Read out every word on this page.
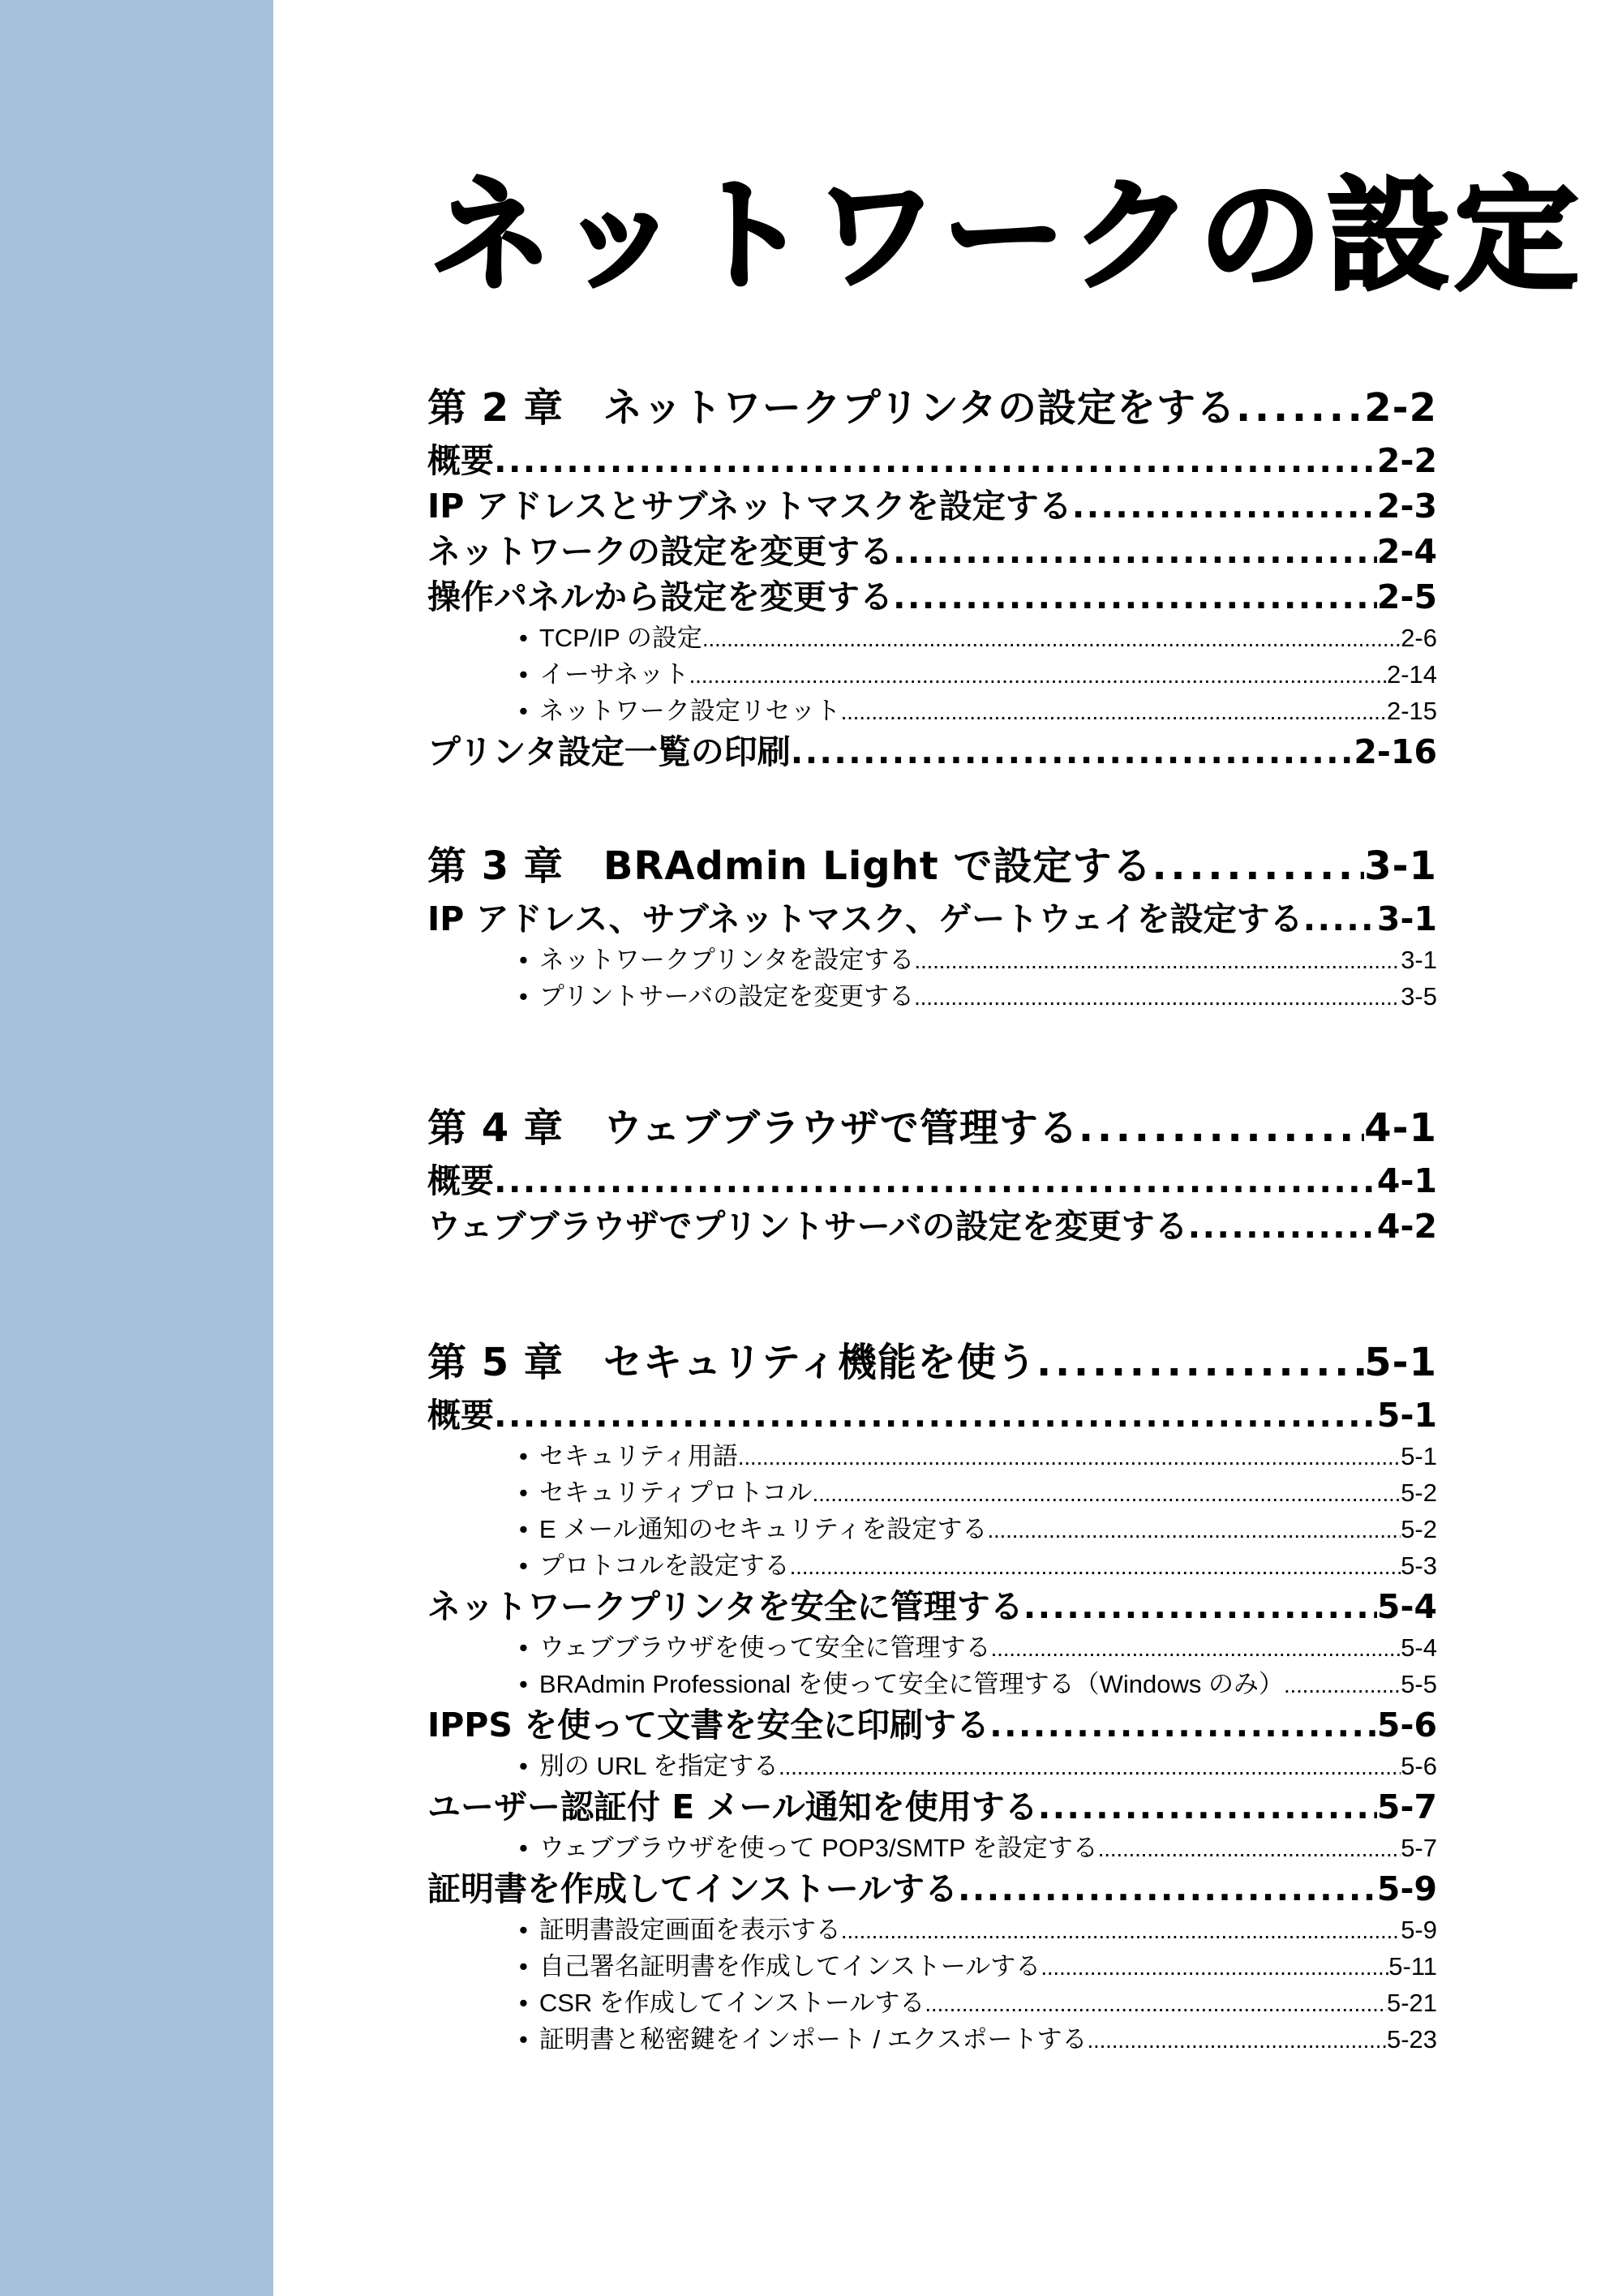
ネットワークの設定
第 2 章　ネットワークプリンタの設定をする . . .	2-2
概要 . . .	2-2
IP アドレスとサブネットマスクを設定する . . .	2-3
ネットワークの設定を変更する . . .	2-4
操作パネルから設定を変更する . . .	2-5
• TCP/IP の設定 . . .	2-6
• イーサネット . . .	2-14
• ネットワーク設定リセット . . .	2-15
プリンタ設定一覧の印刷 . . .	2-16
第 3 章　BRAdmin Light で設定する . . .	3-1
IP アドレス、サブネットマスク、ゲートウェイを設定する . . . 3-1
• ネットワークプリンタを設定する . . .	3-1
• プリントサーバの設定を変更する . . .	3-5
第 4 章　ウェブブラウザで管理する . . .	4-1
概要 . . .	4-1
ウェブブラウザでプリントサーバの設定を変更する . . .	4-2
第 5 章　セキュリティ機能を使う . . .	5-1
概要 . . .	5-1
• セキュリティ用語 . . .	5-1
• セキュリティプロトコル . . .	5-2
• E メール通知のセキュリティを設定する . . .	5-2
• プロトコルを設定する . . .	5-3
ネットワークプリンタを安全に管理する . . .	5-4
• ウェブブラウザを使って安全に管理する . . .	5-4
• BRAdmin Professional を使って安全に管理する（Windows のみ） . . .	5-5
IPPS を使って文書を安全に印刷する . . .	5-6
• 別の URL を指定する . . .	5-6
ユーザー認証付 E メール通知を使用する . . .	5-7
• ウェブブラウザを使って POP3/SMTP を設定する . . .	5-7
証明書を作成してインストールする . . .	5-9
• 証明書設定画面を表示する . . .	5-9
• 自己署名証明書を作成してインストールする . . .	5-11
• CSR を作成してインストールする . . .	5-21
• 証明書と秘密鍵をインポート / エクスポートする . . .	5-23
